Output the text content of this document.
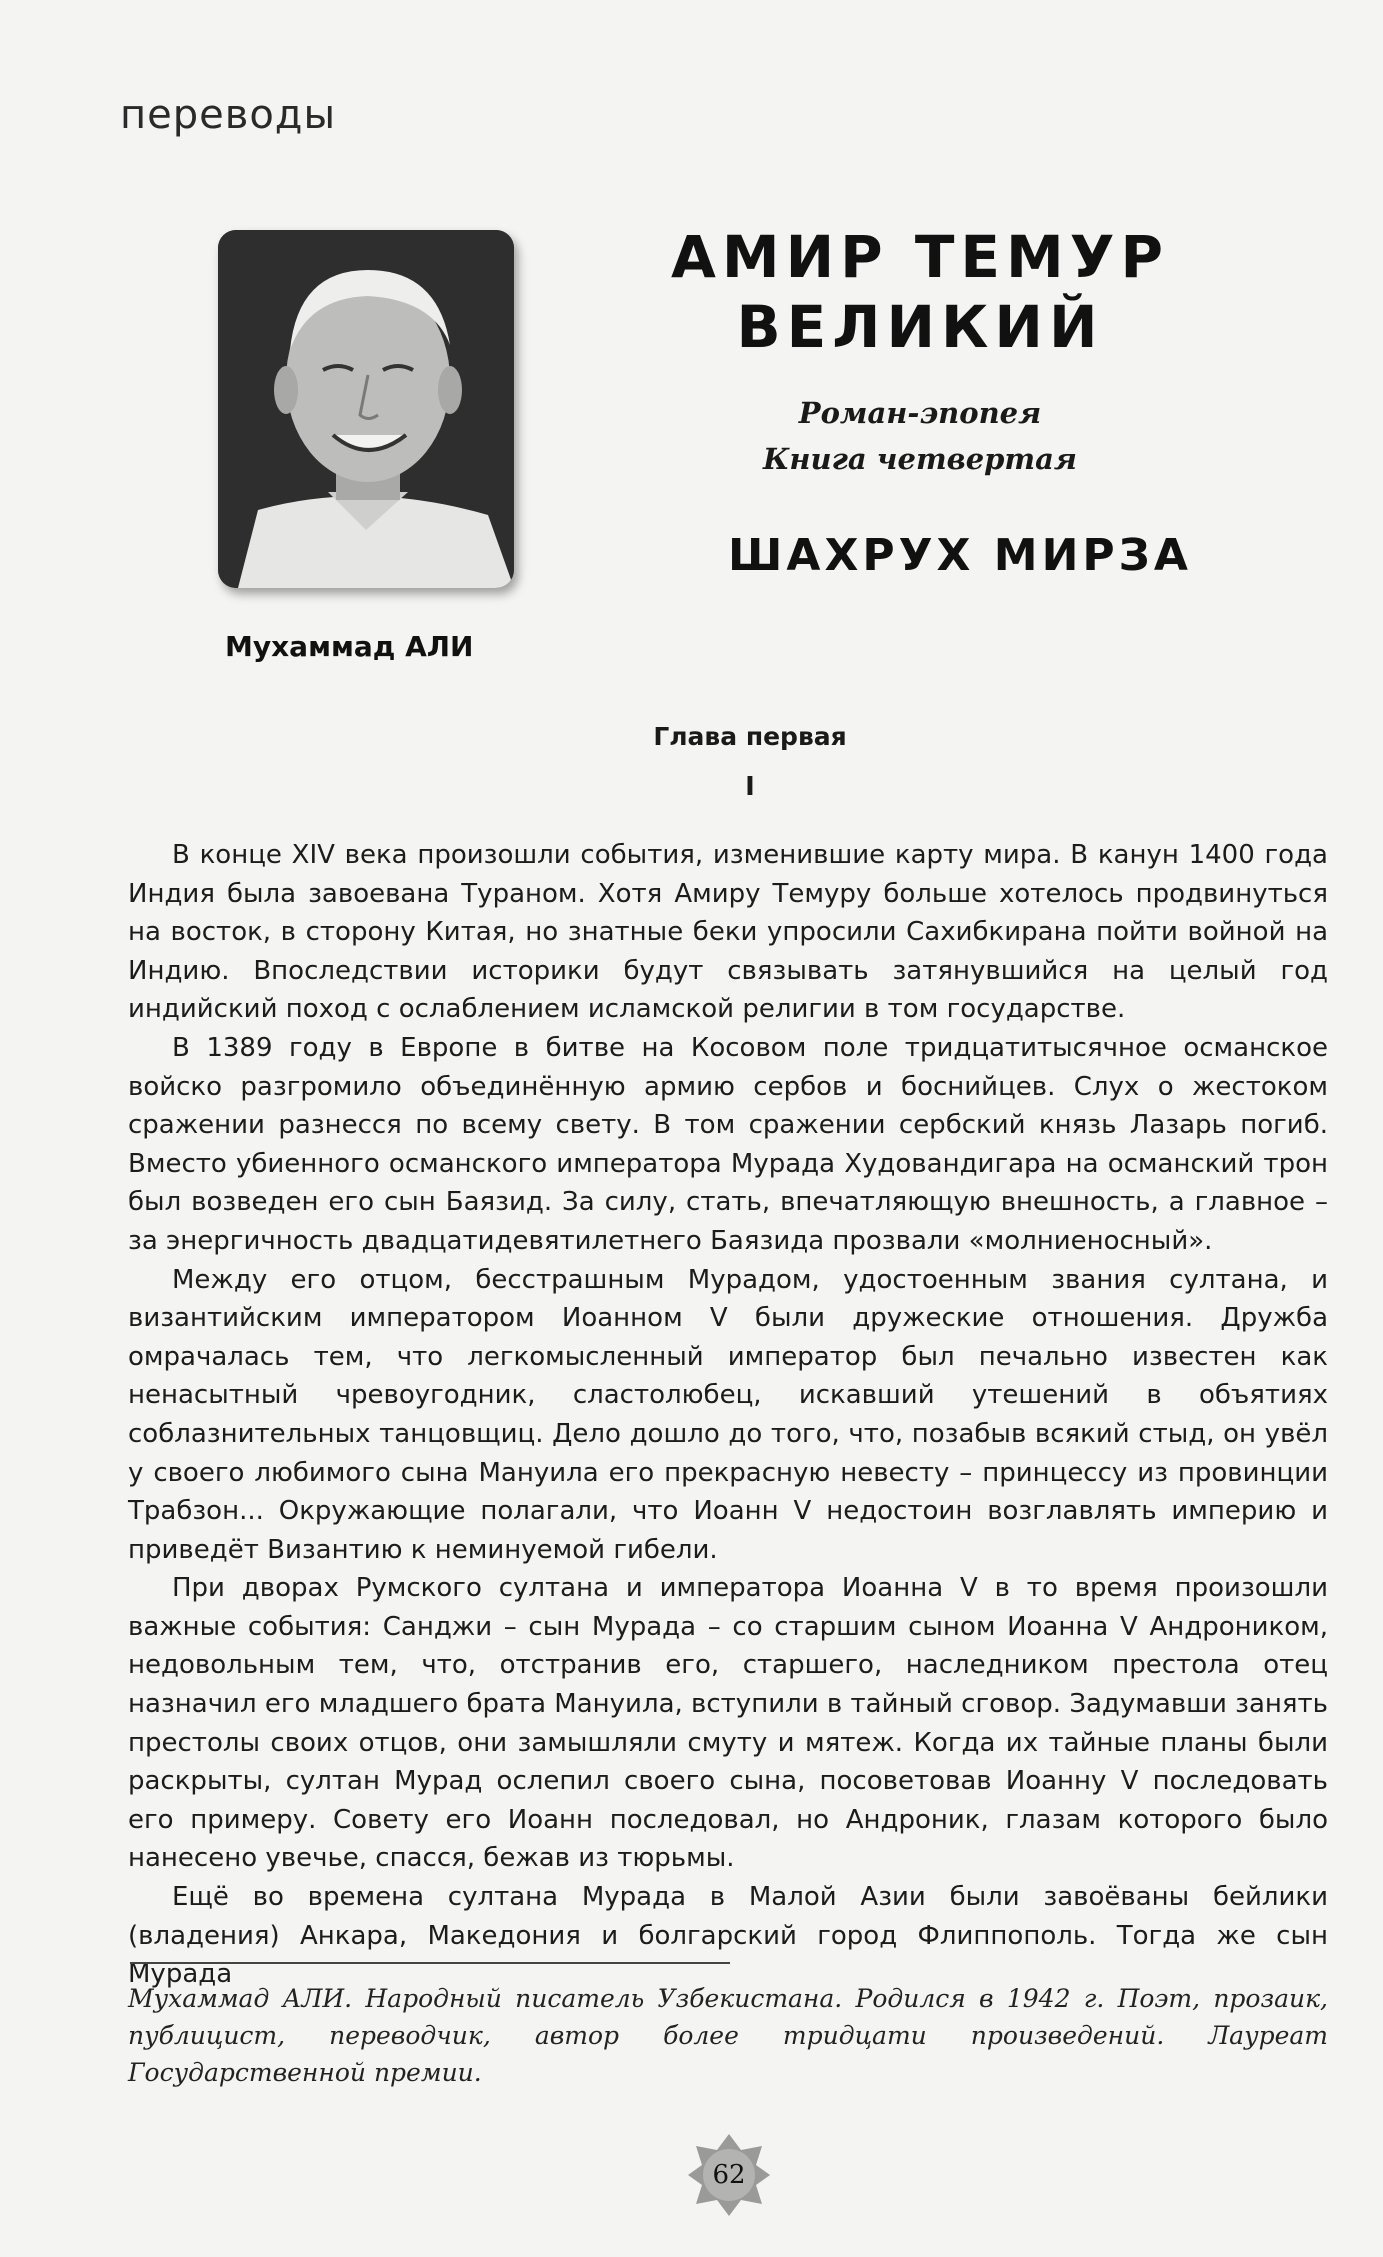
переводы
Мухаммад АЛИ
АМИР ТЕМУР
ВЕЛИКИЙ
Роман-эпопея
Книга четвертая
ШАХРУХ МИРЗА
Глава первая
I

В конце XIV века произошли события, изменившие карту мира. В канун 1400 года Индия была завоевана Тураном. Хотя Амиру Темуру больше хотелось продвинуться на восток, в сторону Китая, но знатные беки упросили Сахибкирана пойти войной на Индию. Впоследствии историки будут связывать затянувшийся на целый год индийский поход с ослаблением исламской религии в том государстве.

В 1389 году в Европе в битве на Косовом поле тридцатитысячное османское войско разгромило объединённую армию сербов и боснийцев. Слух о жестоком сражении разнесся по всему свету. В том сражении сербский князь Лазарь погиб. Вместо убиенного османского императора Мурада Худовандигара на османский трон был возведен его сын Баязид. За силу, стать, впечатляющую внешность, а главное – за энергичность двадцатидевятилетнего Баязида прозвали «молниеносный».

Между его отцом, бесстрашным Мурадом, удостоенным звания султана, и византийским императором Иоанном V были дружеские отношения. Дружба омрачалась тем, что легкомысленный император был печально известен как ненасытный чревоугодник, сластолюбец, искавший утешений в объятиях соблазнительных танцовщиц. Дело дошло до того, что, позабыв всякий стыд, он увёл у своего любимого сына Мануила его прекрасную невесту – принцессу из провинции Трабзон... Окружающие полагали, что Иоанн V недостоин возглавлять империю и приведёт Византию к неминуемой гибели.

При дворах Румского султана и императора Иоанна V в то время произошли важные события: Санджи – сын Мурада – со старшим сыном Иоанна V Андроником, недовольным тем, что, отстранив его, старшего, наследником престола отец назначил его младшего брата Мануила, вступили в тайный сговор. Задумавши занять престолы своих отцов, они замышляли смуту и мятеж. Когда их тайные планы были раскрыты, султан Мурад ослепил своего сына, посоветовав Иоанну V последовать его примеру. Совету его Иоанн последовал, но Андроник, глазам которого было нанесено увечье, спасся, бежав из тюрьмы.

Ещё во времена султана Мурада в Малой Азии были завоёваны бейлики (владения) Анкара, Македония и болгарский город Флиппополь. Тогда же сын Мурада

Мухаммад АЛИ. Народный писатель Узбекистана. Родился в 1942 г. Поэт, прозаик, публицист, переводчик, автор более тридцати произведений. Лауреат Государственной премии.

62
